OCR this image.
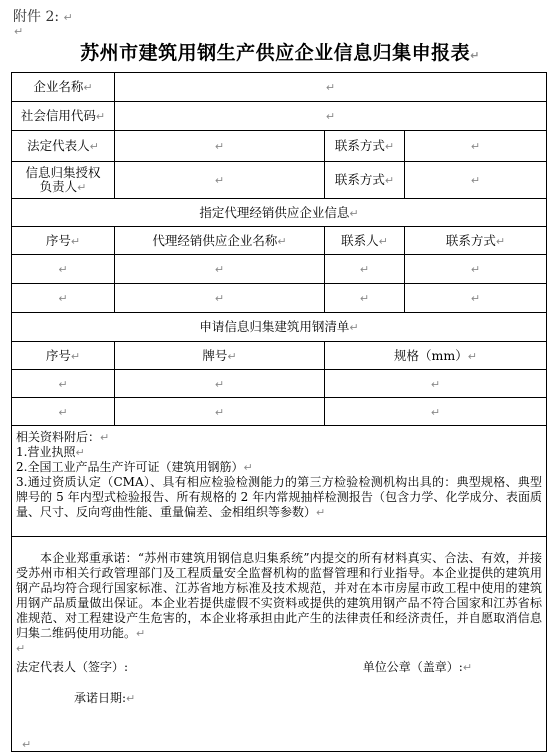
附件 2: ↵
↵
苏州市建筑用钢生产供应企业信息归集申报表↵
企业名称↵	↵		
社会信用代码↵	↵		
法定代表人↵	↵	联系方式↵	↵
信息归集授权负责人↵	↵	联系方式↵	↵
指定代理经销供应企业信息↵			
序号↵	代理经销供应企业名称↵	联系人↵	联系方式↵
↵	↵	↵	↵
↵	↵	↵	↵
申请信息归集建筑用钢清单↵			
序号↵	牌号↵	规格（mm）↵	
↵	↵	↵	
↵	↵	↵	

相关资料附后：↵
1.营业执照↵
2.全国工业产品生产许可证（建筑用钢筋）↵
3.通过资质认定（CMA）、具有相应检验检测能力的第三方检验检测机构出具的：典型规格、典型牌号的 5 年内型式检验报告、所有规格的 2 年内常规抽样检测报告（包含力学、化学成分、表面质量、尺寸、反向弯曲性能、重量偏差、金相组织等参数）↵			

本企业郑重承诺：“苏州市建筑用钢信息归集系统”内提交的所有材料真实、合法、有效，并接受苏州市相关行政管理部门及工程质量安全监督机构的监督管理和行业指导。本企业提供的建筑用钢产品均符合现行国家标准、江苏省地方标准及技术规范，并对在本市房屋市政工程中使用的建筑用钢产品质量做出保证。本企业若提供虚假不实资料或提供的建筑用钢产品不符合国家和江苏省标准规范、对工程建设产生危害的，本企业将承担由此产生的法律责任和经济责任，并自愿取消信息归集二维码使用功能。↵
↵
法定代表人（签字）: 单位公章（盖章）:↵
承诺日期:↵			
↵
